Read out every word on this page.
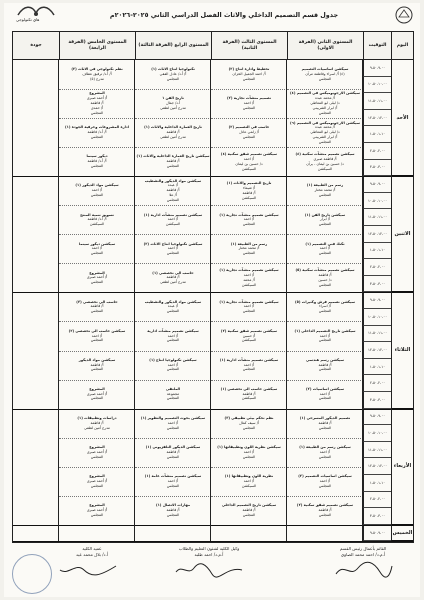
هاي تكنولوجي
جدول قسم التصميم الداخلي والاثاث الفصل الدراسي الثاني ٢٠٢٥-٢٠٢٦م
اليوم
التوقيت
المستوى الثاني (الفرقة الاولى)
المستوى الثالث (الفرقة الثانية)
المستوى الرابع (الفرقة الثالثة)
المستوى الخامس (الفرقة الرابعة)
جودة
٩،٠٠-٩،٥٠
١٠،٠٠-١٠،٥٠
١١،٠٠-١١،٥٠
١٢،٠٠-١٢،٥٠
١،١٠-١،٥٠
٢،٠٠-٢،٥٠
٣،٠٠-٣،٥٠
٩،٠٠-٩،٥٠
١٠،٠٠-١٠،٥٠
١١،٠٠-١١،٥٠
١٢،٠٠-١٢،٥٠
١،١٠-١،٥٠
٢،٠٠-٢،٥٠
٣،٠٠-٣،٥٠
٩،٠٠-٩،٥٠
١٠،٠٠-١٠،٥٠
١١،٠٠-١١،٥٠
١٢،٠٠-١٢،٥٠
١،١٠-١،٥٠
٢،٠٠-٢،٥٠
٣،٠٠-٣،٥٠
٩،٠٠-٩،٥٠
١٠،٠٠-١٠،٥٠
١١،٠٠-١١،٥٠
١٢،٠٠-١٢،٥٠
١،١٠-١،٥٠
٢،٠٠-٢،٥٠
٣،٠٠-٣،٥٠
٩،٠٠-٩،٥٠
الأحد
سيكشن اساسيات التصميم
(٤) أ/ اسراء وفاطمة مرآن
المجلس
سيكشن الارجونوميكس في التصميم (٤)
أ/ محمد عبده
د/ ليلى ابو المعاطي
أ/ ابرار الشربيني
المجلس
سيكشن الارجونوميكس في التصميم (٦)
أ/ محمد عبده
د/ ليلى ابو المعاطي
أ/ ابرار الشربيني
المجلس
سيكشن تصميم منشآت سكنية (٤)
أ/ فاطمة صبري
د/ حسين بن ليمان - يرآن
السيكشن
تخطيط وادارة انتاج (٢)
أ/ احمد الجميل الخزان
المجلس
تصميم منشآت تجارية (٢)
أ/ احمد
المجلس
حاسب في التصميم (٢)
أ/ زلمي عادل
المجلس
سيكشن تصميم شقق سكنية (٤)
أ/ احمد
د/ حسين بن ليمان
السيكشن
تكنولوجيا انتاج الاثاث (١)
أ/ أ.د/ عادل الفقي
المجلس
تاريخ الفن ١
أ.د/ جمال
مدرج أمين لطفي
تاريخ العمارة الداخلية والاثاث (١)
أ/ فاطمة
مدرج أمين لطفي
سيكشن تاريخ العمارة الداخلية والاثاث (١)
أ/ فاطمة
المجلس
نظم تكنولوجي في الاثاث (٢)
أ/ أ.د/ ترفيق عطاف
مدرج (٥)
المشروع
أ/ أحمد صبري
أ/ فاطمة
أ/ حمدي
المجلس
ادارة المشروعات وحرفية الجودة (١)
أ/ أ.د/ فاطمة
المجلس
ديكور سينما
أ/ أ.د/ فاطمة
المجلس
الاثنين
رسم من الطبيعة (١)
أ/ محمد مختار
المجلس
سيكشن تاريخ الفن (١)
أ/ ابرار
المجلس
تكنك فني التصميم (١)
أ/ احمد
المجلس
سيكشن تصميم منشآت سكنية (٥)
أ/ فاطمة
د/ حسين
المجلس
تاريخ التصميم والاثاث (١)
أ/ شيماء
أ/ فاطمة
السيكشن
سيكشن تصميم منشآت تجارية (١)
أ/ احمد
المجلس
رسم من الطبيعة (١)
أ/ محمد مختار
المجلس
سيكشن تصميم منشآت تجارية (١)
أ/ احمد
أ/ محمد
السيكشن
سيكشن مواد الديكور والتشطيب
أ/ عبده
أ/ فاطمة
أ/ علا
المجلس
سيكشن تصميم منشآت ادارية (١)
أ/ احمد
السيكشن
سيكشن تكنولوجيا انتاج الاثاث (٢)
أ/ احمد
المجلس
حاسب الي تخصصي (١)
أ/ فاطمة
مدرج أمين لطفي
سيكشن مواد الديكور (١)
أ/ احمد
المجلس
تسويق تنمية المنتج
أ/ أ.د/ فاطمة
السيكشن
سيكشن ديكور سينما
أ/ احمد
المجلس
المشروع
أ/ أحمد صبري
المجلس
الثلاثاء
سيكشن تصميم فرش وكثيرات (٥)
أ/ اسراء
المجلس
سيكشن تاريخ التصميم الداخلي (١)
أ/ احمد
المجلس
سيكشن رسم هندسي
أ/ فاطمة
المجلس
سيكشن اساسيات (٢)
أ/ احمد
المجلس
سيكشن تصميم منشآت تجارية (١)
أ/ احمد
المجلس
سيكشن تصميم شقق سكنية (٢)
أ/ حسين
السيكشن
سيكشن تصميم منشآت ادارية (١)
أ/ احمد
المجلس
سيكشن حاسب الي تخصصي (١)
أ/ فاطمة
السيكشن
سيكشن مواد الديكور والتشطيب
أ/ عبده
المجلس
سيكشن تصميم منشآت ادارية
أ/ احمد
المجلس
سيكشن تكنولوجيا انتاج (١)
أ/ احمد
المجلس
الملتقى
مجموعة
المجلس
حاسب الي تخصصي (٣)
أ/ فاطمة
المجلس
سيكشن حاسب الي تخصصي (٢)
أ/ احمد
المجلس
سيكشن مواد الديكور
أ/ فاطمة
المجلس
المشروع
أ/ أحمد صبري
المجلس
الأربعاء
تصميم الديكور المسرحي (١)
أ/ فاطمة
المجلس
سيكشن رسم من الطبيعة (١)
أ/ احمد
المجلس
سيكشن اساسيات التصميم (٢)
أ/ احمد
المجلس
سيكشن تصميم شقق سكنية (٢)
أ/ فاطمة
المجلس
نظم تحكم بيئي تطبيقي (٣)
أ/ سيف كمال
المجلس
سيكشن نظرية اللون وتطبيقاتها (١)
أ/ احمد
المجلس
نظرية اللون وتطبيقاتها (١)
أ/ احمد
السيكشن
سيكشن تاريخ التصميم الداخلي
أ/ فاطمة
المجلس
سيكشن بحوث التصميم والتطوير (١)
أ/ احمد
المجلس
سيكشن الديكور التلفزيوني (١)
أ/ فاطمة
المجلس
سيكشن تصميم منشآت عامة (١)
أ/ احمد
المجلس
مهارات الاتصال (١)
أ/ فاطمة
المجلس
دراسات وتطبيقات (١)
أ/ فاطمة
مدرج أمين لطفي
المشروع
أ/ أحمد صبري
المجلس
المشروع
أ/ أحمد صبري
المجلس
المشروع
أ/ أحمد صبري
المجلس
الخميس
القائم بأعمال رئيس القسم
أ.م.د/ احمد محمد الصاوي
وكيل الكلية لشئون التعليم والطلاب
أ.م.د/ احمد طلبة
عميد الكلية
أ.د/ بلال محمد عيد
